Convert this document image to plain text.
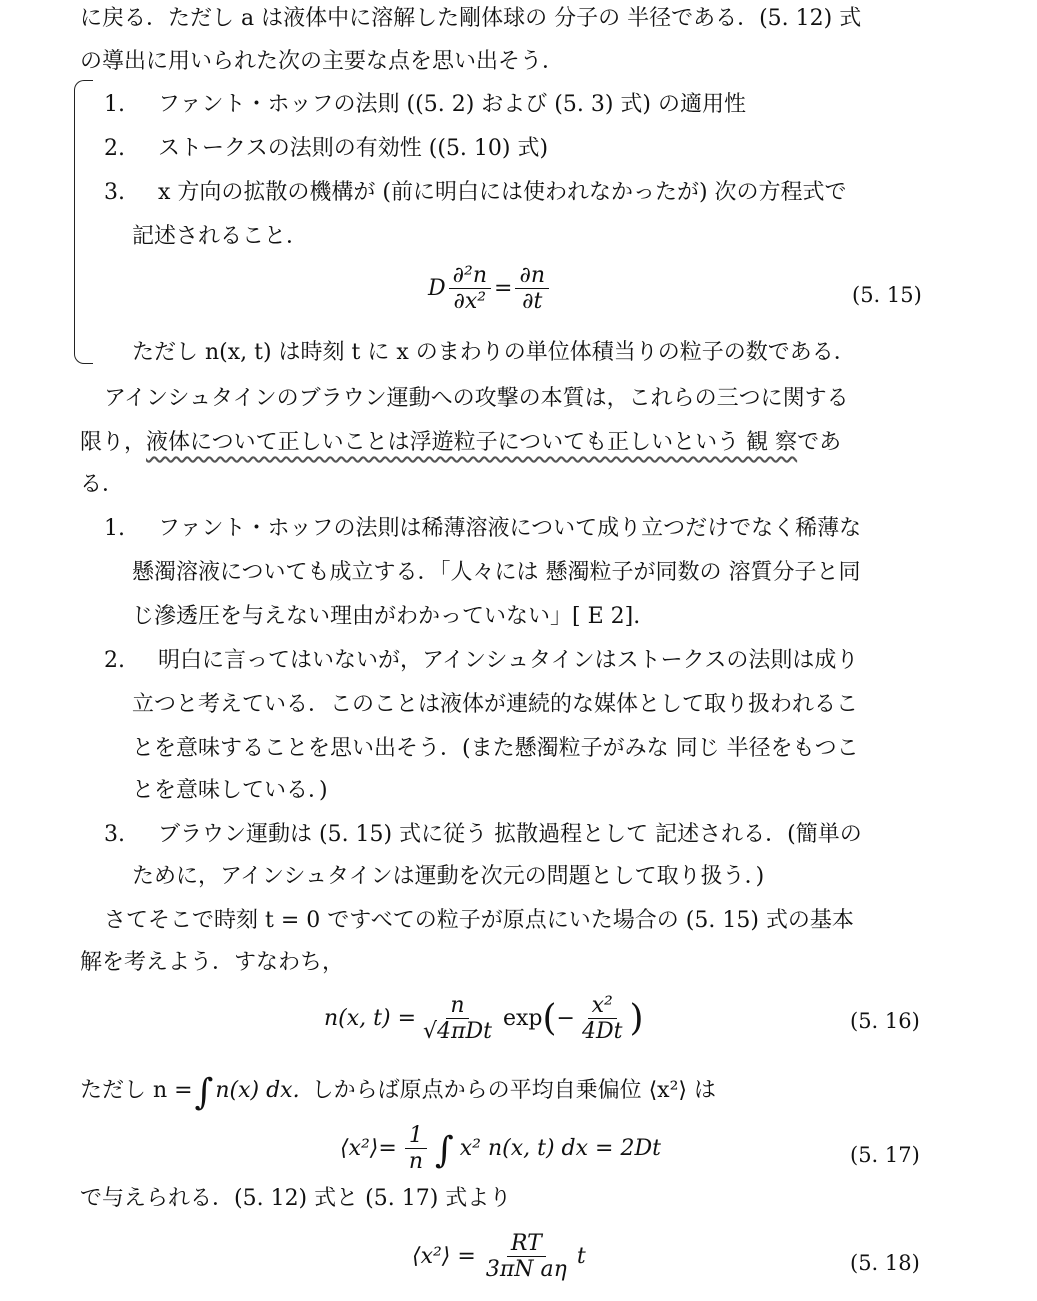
に戻る．ただし a は液体中に溶解した剛体球の 分子の 半径である．(5. 12) 式
の導出に用いられた次の主要な点を思い出そう．
1. ファント・ホッフの法則 ((5. 2) および (5. 3) 式) の適用性
2. ストークスの法則の有効性 ((5. 10) 式)
3. x 方向の拡散の機構が (前に明白には使われなかったが) 次の方程式で
記述されること．
D $\frac{\text{∂²n}}{\text{∂x²}} = \frac{\partial n}{\partial t}$	(5. 15)
ただし n(x, t) は時刻 t に x のまわりの単位体積当りの粒子の数である．
アインシュタインのブラウン運動への攻撃の本質は，これらの三つに関する
限り，液体について正しいことは浮遊粒子についても正しいという 観 察であ
る．
1. ファント・ホッフの法則は稀薄溶液について成り立つだけでなく稀薄な
懸濁溶液についても成立する．「人々には 懸濁粒子が同数の 溶質分子と同
じ滲透圧を与えない理由がわかっていない」[ E 2].
2. 明白に言ってはいないが，アインシュタインはストークスの法則は成り
立つと考えている．このことは液体が連続的な媒体として取り扱われるこ
とを意味することを思い出そう．(また懸濁粒子がみな 同じ 半径をもつこ
とを意味している．)
3. ブラウン運動は (5. 15) 式に従う 拡散過程として 記述される．(簡単の
ために，アインシュタインは運動を次元の問題として取り扱う．)
さてそこで時刻 t = 0 ですべての粒子が原点にいた場合の (5. 15) 式の基本
解を考えよう．すなわち，
n(x, $t) = \frac{n}{\text{√4πDt}}$ exp ( − $\frac{\text{x²}}{4Dt}$ )	(5. 16)
ただし n = ∫ n(x) dx. しからば原点からの平均自乗偏位 ⟨x²⟩ は
⟨x²⟩= $\frac{1}{n}$ ∫ x² n(x, t) dx = 2Dt	(5. 17)
で与えられる．(5. 12) 式と (5. 17) 式より
⟨x²⟩ = $\frac{RT}{\text{3πN aη}}$ t	(5. 18)
